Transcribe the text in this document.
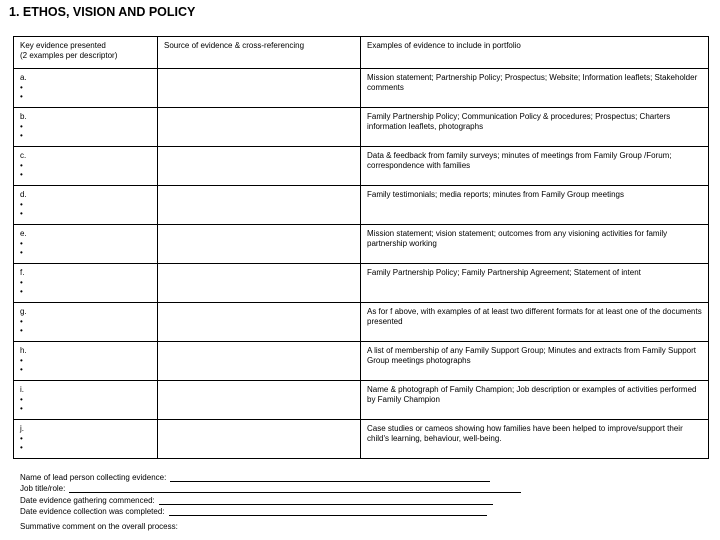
1. ETHOS, VISION AND POLICY
Key evidence presented
(2 examples per descriptor)	Source of evidence & cross-referencing	Examples of evidence to include in portfolio

a.
•
•		Mission statement; Partnership Policy; Prospectus; Website; Information leaflets; Stakeholder comments

b.
•
•		Family Partnership Policy; Communication Policy & procedures; Prospectus; Charters information leaflets, photographs

c.
•
•		Data & feedback from family surveys; minutes of meetings from Family Group /Forum; correspondence with families

d.
•
•		Family testimonials; media reports; minutes from Family Group meetings

e.
•
•		Mission statement; vision statement; outcomes from any visioning activities for family partnership working

f.
•
•		Family Partnership Policy; Family Partnership Agreement; Statement of intent

g.
•
•		As for f above, with examples of at least two different formats for at least one of the documents presented

h.
•
•		A list of membership of any Family Support Group; Minutes and extracts from Family Support Group meetings photographs

i.
•
•		Name & photograph of Family Champion; Job description or examples of activities performed by Family Champion

j.
•
•		Case studies or cameos showing how families have been helped to improve/support their child's learning, behaviour, well-being.
Name of lead person collecting evidence:
Job title/role:
Date evidence gathering commenced:
Date evidence collection was completed:
Summative comment on the overall process:
